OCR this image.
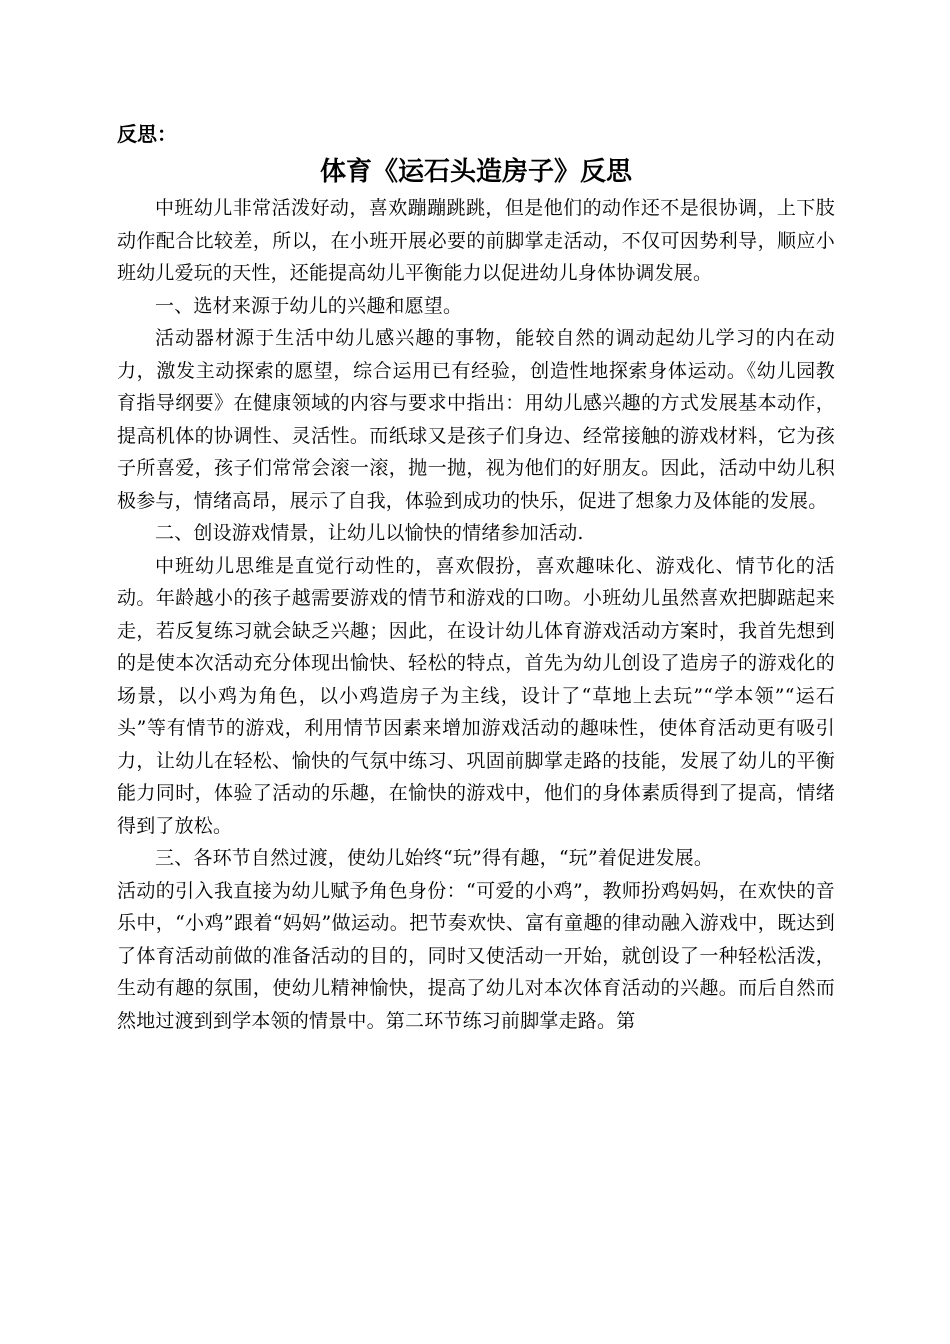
反思：

体育《运石头造房子》反思

中班幼儿非常活泼好动，喜欢蹦蹦跳跳，但是他们的动作还不是很协调，上下肢动作配合比较差，所以，在小班开展必要的前脚掌走活动，不仅可因势利导，顺应小班幼儿爱玩的天性，还能提高幼儿平衡能力以促进幼儿身体协调发展。

一、选材来源于幼儿的兴趣和愿望。

活动器材源于生活中幼儿感兴趣的事物，能较自然的调动起幼儿学习的内在动力，激发主动探索的愿望，综合运用已有经验，创造性地探索身体运动。《幼儿园教育指导纲要》在健康领域的内容与要求中指出：用幼儿感兴趣的方式发展基本动作，提高机体的协调性、灵活性。而纸球又是孩子们身边、经常接触的游戏材料，它为孩子所喜爱，孩子们常常会滚一滚，抛一抛，视为他们的好朋友。因此，活动中幼儿积极参与，情绪高昂，展示了自我，体验到成功的快乐，促进了想象力及体能的发展。

二、创设游戏情景，让幼儿以愉快的情绪参加活动.

中班幼儿思维是直觉行动性的，喜欢假扮，喜欢趣味化、游戏化、情节化的活动。年龄越小的孩子越需要游戏的情节和游戏的口吻。小班幼儿虽然喜欢把脚踮起来走，若反复练习就会缺乏兴趣；因此，在设计幼儿体育游戏活动方案时，我首先想到的是使本次活动充分体现出愉快、轻松的特点，首先为幼儿创设了造房子的游戏化的场景，以小鸡为角色，以小鸡造房子为主线，设计了“草地上去玩”“学本领”“运石头”等有情节的游戏，利用情节因素来增加游戏活动的趣味性，使体育活动更有吸引力，让幼儿在轻松、愉快的气氛中练习、巩固前脚掌走路的技能，发展了幼儿的平衡能力同时，体验了活动的乐趣，在愉快的游戏中，他们的身体素质得到了提高，情绪得到了放松。

三、各环节自然过渡，使幼儿始终“玩”得有趣，“玩”着促进发展。

活动的引入我直接为幼儿赋予角色身份：“可爱的小鸡”，教师扮鸡妈妈，在欢快的音乐中，“小鸡”跟着“妈妈”做运动。把节奏欢快、富有童趣的律动融入游戏中，既达到了体育活动前做的准备活动的目的，同时又使活动一开始，就创设了一种轻松活泼，生动有趣的氛围，使幼儿精神愉快，提高了幼儿对本次体育活动的兴趣。而后自然而然地过渡到到学本领的情景中。第二环节练习前脚掌走路。第
